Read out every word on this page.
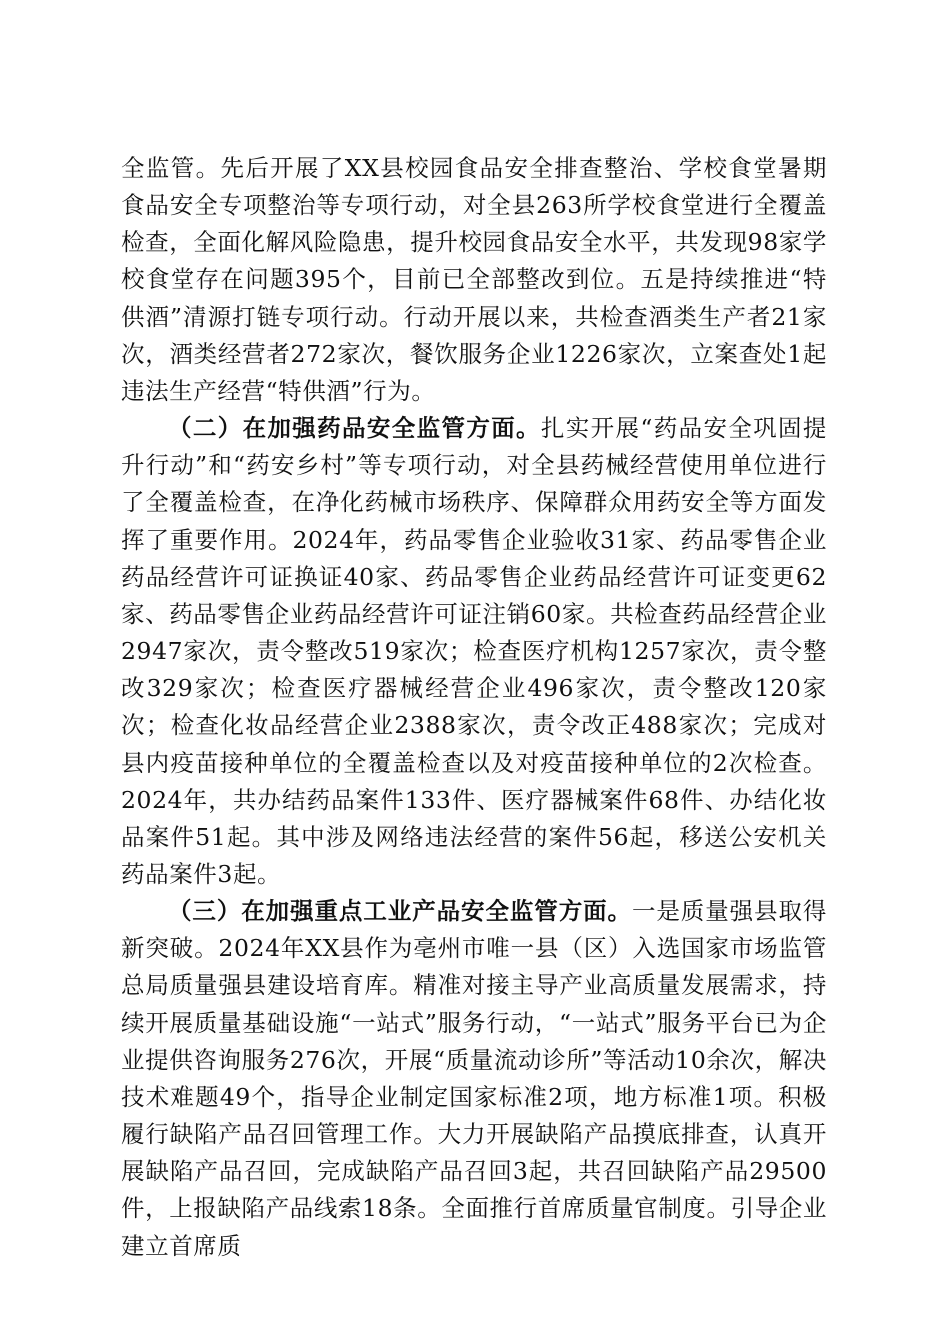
全监管。先后开展了XX县校园食品安全排查整治、学校食堂暑期食品安全专项整治等专项行动，对全县263所学校食堂进行全覆盖检查，全面化解风险隐患，提升校园食品安全水平，共发现98家学校食堂存在问题395个，目前已全部整改到位。五是持续推进“特供酒”清源打链专项行动。行动开展以来，共检查酒类生产者21家次，酒类经营者272家次，餐饮服务企业1226家次，立案查处1起违法生产经营“特供酒”行为。

（二）在加强药品安全监管方面。扎实开展“药品安全巩固提升行动”和“药安乡村”等专项行动，对全县药械经营使用单位进行了全覆盖检查，在净化药械市场秩序、保障群众用药安全等方面发挥了重要作用。2024年，药品零售企业验收31家、药品零售企业药品经营许可证换证40家、药品零售企业药品经营许可证变更62家、药品零售企业药品经营许可证注销60家。共检查药品经营企业2947家次，责令整改519家次；检查医疗机构1257家次，责令整改329家次；检查医疗器械经营企业496家次，责令整改120家次；检查化妆品经营企业2388家次，责令改正488家次；完成对县内疫苗接种单位的全覆盖检查以及对疫苗接种单位的2次检查。2024年，共办结药品案件133件、医疗器械案件68件、办结化妆品案件51起。其中涉及网络违法经营的案件56起，移送公安机关药品案件3起。

（三）在加强重点工业产品安全监管方面。一是质量强县取得新突破。2024年XX县作为亳州市唯一县（区）入选国家市场监管总局质量强县建设培育库。精准对接主导产业高质量发展需求，持续开展质量基础设施“一站式”服务行动，“一站式”服务平台已为企业提供咨询服务276次，开展“质量流动诊所”等活动10余次，解决技术难题49个，指导企业制定国家标准2项，地方标准1项。积极履行缺陷产品召回管理工作。大力开展缺陷产品摸底排查，认真开展缺陷产品召回，完成缺陷产品召回3起，共召回缺陷产品29500件，上报缺陷产品线索18条。全面推行首席质量官制度。引导企业建立首席质
